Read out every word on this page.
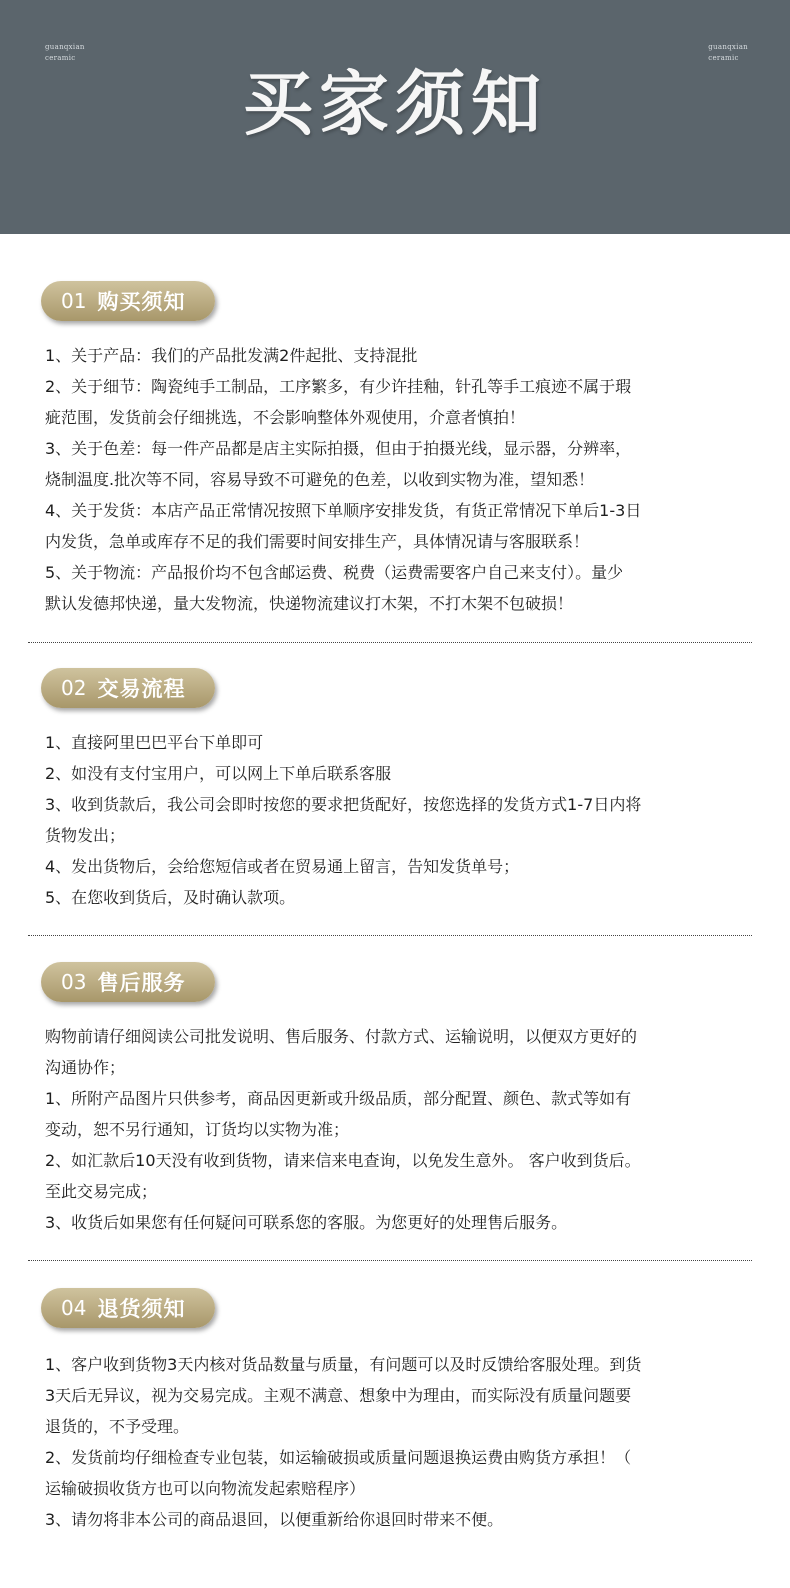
guanqxian
ceramic
guanqxian
ceramic
买家须知
01 购买须知

1、关于产品：我们的产品批发满2件起批、支持混批

2、关于细节：陶瓷纯手工制品，工序繁多，有少许挂釉，针孔等手工痕迹不属于瑕

疵范围，发货前会仔细挑选，不会影响整体外观使用，介意者慎拍！

3、关于色差：每一件产品都是店主实际拍摄，但由于拍摄光线，显示器，分辨率，

烧制温度.批次等不同，容易导致不可避免的色差，以收到实物为准，望知悉！

4、关于发货：本店产品正常情况按照下单顺序安排发货，有货正常情况下单后1-3日

内发货，急单或库存不足的我们需要时间安排生产，具体情况请与客服联系！

5、关于物流：产品报价均不包含邮运费、税费（运费需要客户自己来支付）。量少

默认发德邦快递，量大发物流，快递物流建议打木架，不打木架不包破损！

02 交易流程

1、直接阿里巴巴平台下单即可

2、如没有支付宝用户，可以网上下单后联系客服

3、收到货款后，我公司会即时按您的要求把货配好，按您选择的发货方式1-7日内将

货物发出；

4、发出货物后，会给您短信或者在贸易通上留言，告知发货单号；

5、在您收到货后，及时确认款项。

03 售后服务

购物前请仔细阅读公司批发说明、售后服务、付款方式、运输说明，以便双方更好的

沟通协作；

1、所附产品图片只供参考，商品因更新或升级品质，部分配置、颜色、款式等如有

变动，恕不另行通知，订货均以实物为准；

2、如汇款后10天没有收到货物，请来信来电查询，以免发生意外。 客户收到货后。

至此交易完成；

3、收货后如果您有任何疑问可联系您的客服。为您更好的处理售后服务。

04 退货须知

1、客户收到货物3天内核对货品数量与质量，有问题可以及时反馈给客服处理。到货

3天后无异议，视为交易完成。主观不满意、想象中为理由，而实际没有质量问题要

退货的，不予受理。

2、发货前均仔细检查专业包装，如运输破损或质量问题退换运费由购货方承担！（

运输破损收货方也可以向物流发起索赔程序）

3、请勿将非本公司的商品退回，以便重新给你退回时带来不便。
